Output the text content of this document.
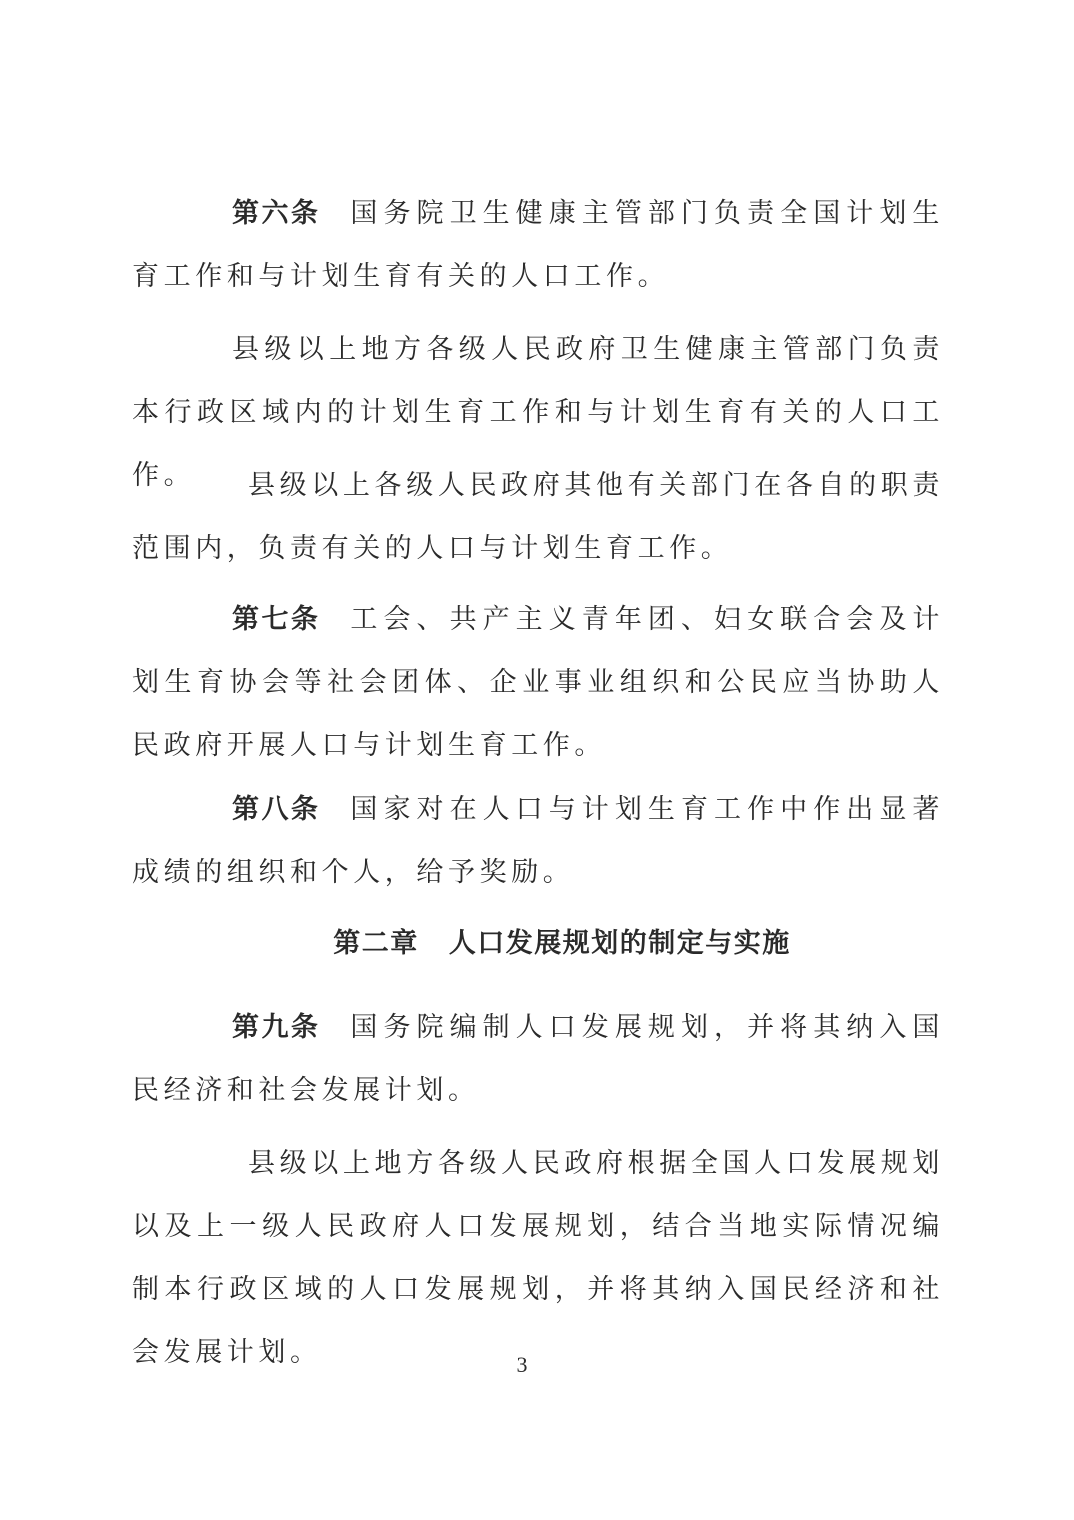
第六条 国务院卫生健康主管部门负责全国计划生育工作和与计划生育有关的人口工作。

县级以上地方各级人民政府卫生健康主管部门负责本行政区域内的计划生育工作和与计划生育有关的人口工作。	县级以上各级人民政府其他有关部门在各自的职责范围内，负责有关的人口与计划生育工作。

第七条 工会、共产主义青年团、妇女联合会及计划生育协会等社会团体、企业事业组织和公民应当协助人民政府开展人口与计划生育工作。

第八条 国家对在人口与计划生育工作中作出显著成绩的组织和个人，给予奖励。

第二章 人口发展规划的制定与实施

第九条 国务院编制人口发展规划，并将其纳入国民经济和社会发展计划。

县级以上地方各级人民政府根据全国人口发展规划以及上一级人民政府人口发展规划，结合当地实际情况编制本行政区域的人口发展规划，并将其纳入国民经济和社会发展计划。	3
